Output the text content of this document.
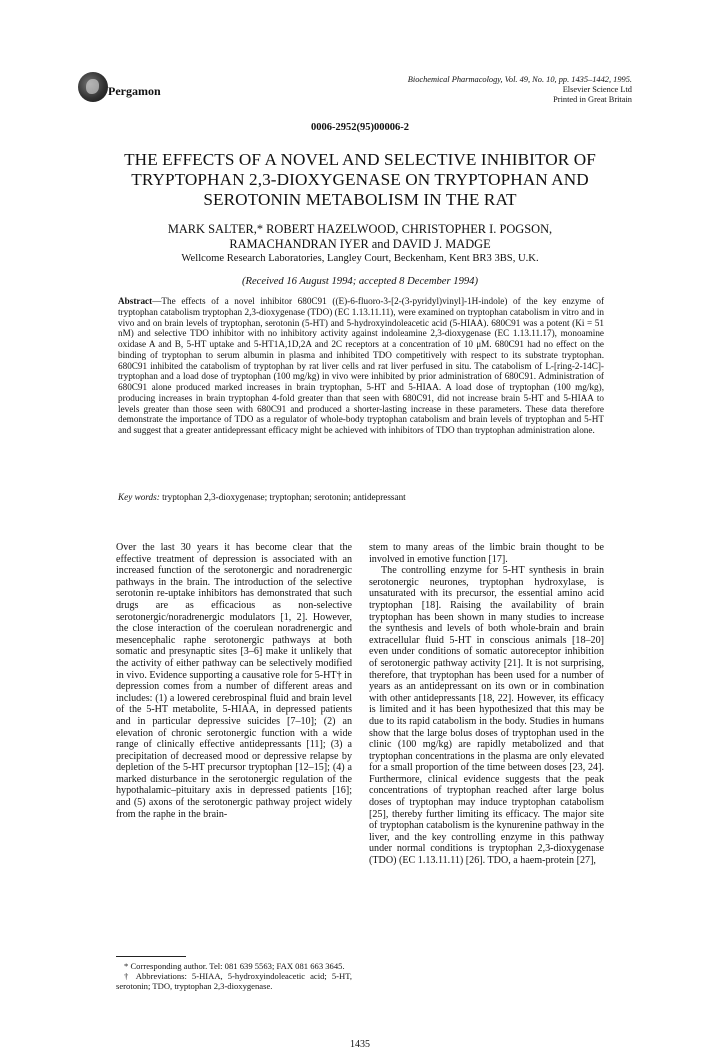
Pergamon
Biochemical Pharmacology, Vol. 49, No. 10, pp. 1435–1442, 1995.
Elsevier Science Ltd
Printed in Great Britain
0006-2952(95)00006-2
THE EFFECTS OF A NOVEL AND SELECTIVE INHIBITOR OF TRYPTOPHAN 2,3-DIOXYGENASE ON TRYPTOPHAN AND SEROTONIN METABOLISM IN THE RAT
MARK SALTER,* ROBERT HAZELWOOD, CHRISTOPHER I. POGSON,
RAMACHANDRAN IYER and DAVID J. MADGE
Wellcome Research Laboratories, Langley Court, Beckenham, Kent BR3 3BS, U.K.
(Received 16 August 1994; accepted 8 December 1994)
Abstract—The effects of a novel inhibitor 680C91 ((E)-6-fluoro-3-[2-(3-pyridyl)vinyl]-1H-indole) of the key enzyme of tryptophan catabolism tryptophan 2,3-dioxygenase (TDO) (EC 1.13.11.11), were examined on tryptophan catabolism in vitro and in vivo and on brain levels of tryptophan, serotonin (5-HT) and 5-hydroxyindoleacetic acid (5-HIAA). 680C91 was a potent (Ki = 51 nM) and selective TDO inhibitor with no inhibitory activity against indoleamine 2,3-dioxygenase (EC 1.13.11.17), monoamine oxidase A and B, 5-HT uptake and 5-HT1A,1D,2A and 2C receptors at a concentration of 10 μM. 680C91 had no effect on the binding of tryptophan to serum albumin in plasma and inhibited TDO competitively with respect to its substrate tryptophan. 680C91 inhibited the catabolism of tryptophan by rat liver cells and rat liver perfused in situ. The catabolism of L-[ring-2-14C]-tryptophan and a load dose of tryptophan (100 mg/kg) in vivo were inhibited by prior administration of 680C91. Administration of 680C91 alone produced marked increases in brain tryptophan, 5-HT and 5-HIAA. A load dose of tryptophan (100 mg/kg), producing increases in brain tryptophan 4-fold greater than that seen with 680C91, did not increase brain 5-HT and 5-HIAA to levels greater than those seen with 680C91 and produced a shorter-lasting increase in these parameters. These data therefore demonstrate the importance of TDO as a regulator of whole-body tryptophan catabolism and brain levels of tryptophan and 5-HT and suggest that a greater antidepressant efficacy might be achieved with inhibitors of TDO than tryptophan administration alone.
Key words: tryptophan 2,3-dioxygenase; tryptophan; serotonin; antidepressant

Over the last 30 years it has become clear that the effective treatment of depression is associated with an increased function of the serotonergic and noradrenergic pathways in the brain. The introduction of the selective serotonin re-uptake inhibitors has demonstrated that such drugs are as efficacious as non-selective serotonergic/noradrenergic modulators [1, 2]. However, the close interaction of the coerulean noradrenergic and mesencephalic raphe serotonergic pathways at both somatic and presynaptic sites [3–6] make it unlikely that the activity of either pathway can be selectively modified in vivo. Evidence supporting a causative role for 5-HT† in depression comes from a number of different areas and includes: (1) a lowered cerebrospinal fluid and brain level of the 5-HT metabolite, 5-HIAA, in depressed patients and in particular depressive suicides [7–10]; (2) an elevation of chronic serotonergic function with a wide range of clinically effective antidepressants [11]; (3) a precipitation of decreased mood or depressive relapse by depletion of the 5-HT precursor tryptophan [12–15]; (4) a marked disturbance in the serotonergic regulation of the hypothalamic–pituitary axis in depressed patients [16]; and (5) axons of the serotonergic pathway project widely from the raphe in the brain-

stem to many areas of the limbic brain thought to be involved in emotive function [17].

The controlling enzyme for 5-HT synthesis in brain serotonergic neurones, tryptophan hydroxylase, is unsaturated with its precursor, the essential amino acid tryptophan [18]. Raising the availability of brain tryptophan has been shown in many studies to increase the synthesis and levels of both whole-brain and brain extracellular fluid 5-HT in conscious animals [18–20] even under conditions of somatic autoreceptor inhibition of serotonergic pathway activity [21]. It is not surprising, therefore, that tryptophan has been used for a number of years as an antidepressant on its own or in combination with other antidepressants [18, 22]. However, its efficacy is limited and it has been hypothesized that this may be due to its rapid catabolism in the body. Studies in humans show that the large bolus doses of tryptophan used in the clinic (100 mg/kg) are rapidly metabolized and that tryptophan concentrations in the plasma are only elevated for a small proportion of the time between doses [23, 24]. Furthermore, clinical evidence suggests that the peak concentrations of tryptophan reached after large bolus doses of tryptophan may induce tryptophan catabolism [25], thereby further limiting its efficacy. The major site of tryptophan catabolism is the kynurenine pathway in the liver, and the key controlling enzyme in this pathway under normal conditions is tryptophan 2,3-dioxygenase (TDO) (EC 1.13.11.11) [26]. TDO, a haem-protein [27],

* Corresponding author. Tel: 081 639 5563; FAX 081 663 3645.

† Abbreviations: 5-HIAA, 5-hydroxyindoleacetic acid; 5-HT, serotonin; TDO, tryptophan 2,3-dioxygenase.

1435
